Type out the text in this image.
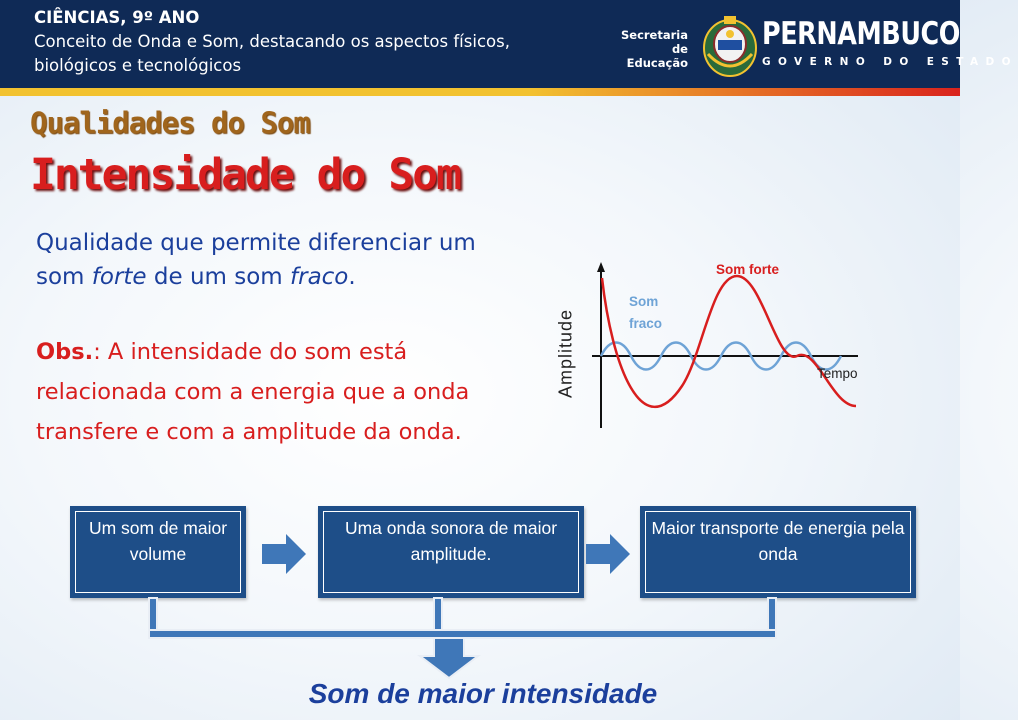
CIÊNCIAS, 9º ANO
Conceito de Onda e Som, destacando os aspectos físicos, biológicos e tecnológicos
Secretaria de
Educação
PERNAMBUCO
GOVERNO DO ESTADO
Qualidades do Som
Intensidade do Som
Qualidade que permite diferenciar um som forte de um som fraco.
Obs.: A intensidade do som está relacionada com a energia que a onda transfere e com a amplitude da onda.
Som forte
Som
fraco
Amplitude	Tempo
Um som de maior volume
Uma onda sonora de maior amplitude.
Maior transporte de energia pela onda
Som de maior intensidade
